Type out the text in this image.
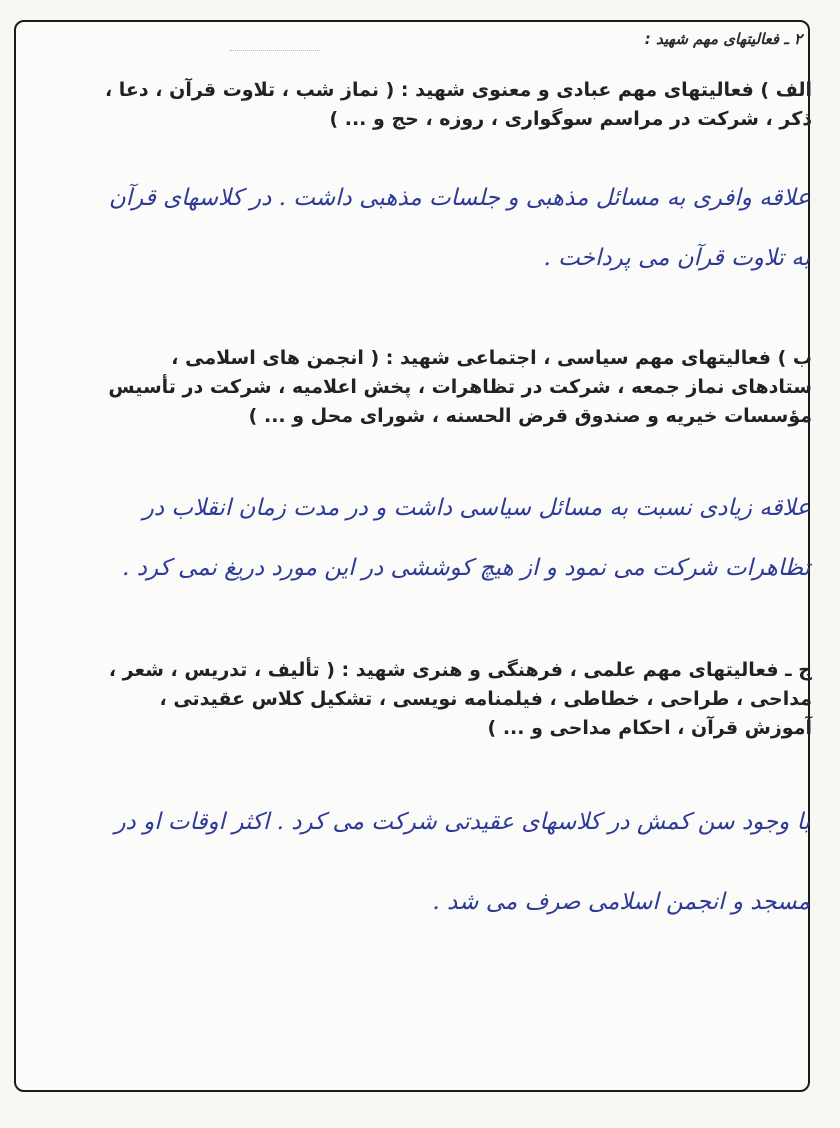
۲ ـ فعالیتهای مهم شهید :
الف ) فعالیتهای مهم عبادی و معنوی شهید : ( نماز شب ، تلاوت قرآن ، دعا ،
ذکر ، شرکت در مراسم سوگواری ، روزه ، حج و ... )
علاقه وافری به مسائل مذهبی و جلسات مذهبی داشت . در کلاسهای قرآن
به تلاوت قرآن می پرداخت .
ب ) فعالیتهای مهم سیاسی ، اجتماعی شهید : ( انجمن های اسلامی ،
ستادهای نماز جمعه ، شرکت در تظاهرات ، پخش اعلامیه ، شرکت در تأسیس
مؤسسات خیریه و صندوق قرض الحسنه ، شورای محل و ... )
علاقه زیادی نسبت به مسائل سیاسی داشت و در مدت زمان انقلاب در
تظاهرات شرکت می نمود و از هیچ کوششی در این مورد دریغ نمی کرد .
ج ـ فعالیتهای مهم علمی ، فرهنگی و هنری شهید : ( تألیف ، تدریس ، شعر ،
مداحی ، طراحی ، خطاطی ، فیلمنامه نویسی ، تشکیل کلاس عقیدتی ،
آموزش قرآن ، احکام مداحی و ... )
با وجود سن کمش در کلاسهای عقیدتی شرکت می کرد . اکثر اوقات او در
مسجد و انجمن اسلامی صرف می شد .
